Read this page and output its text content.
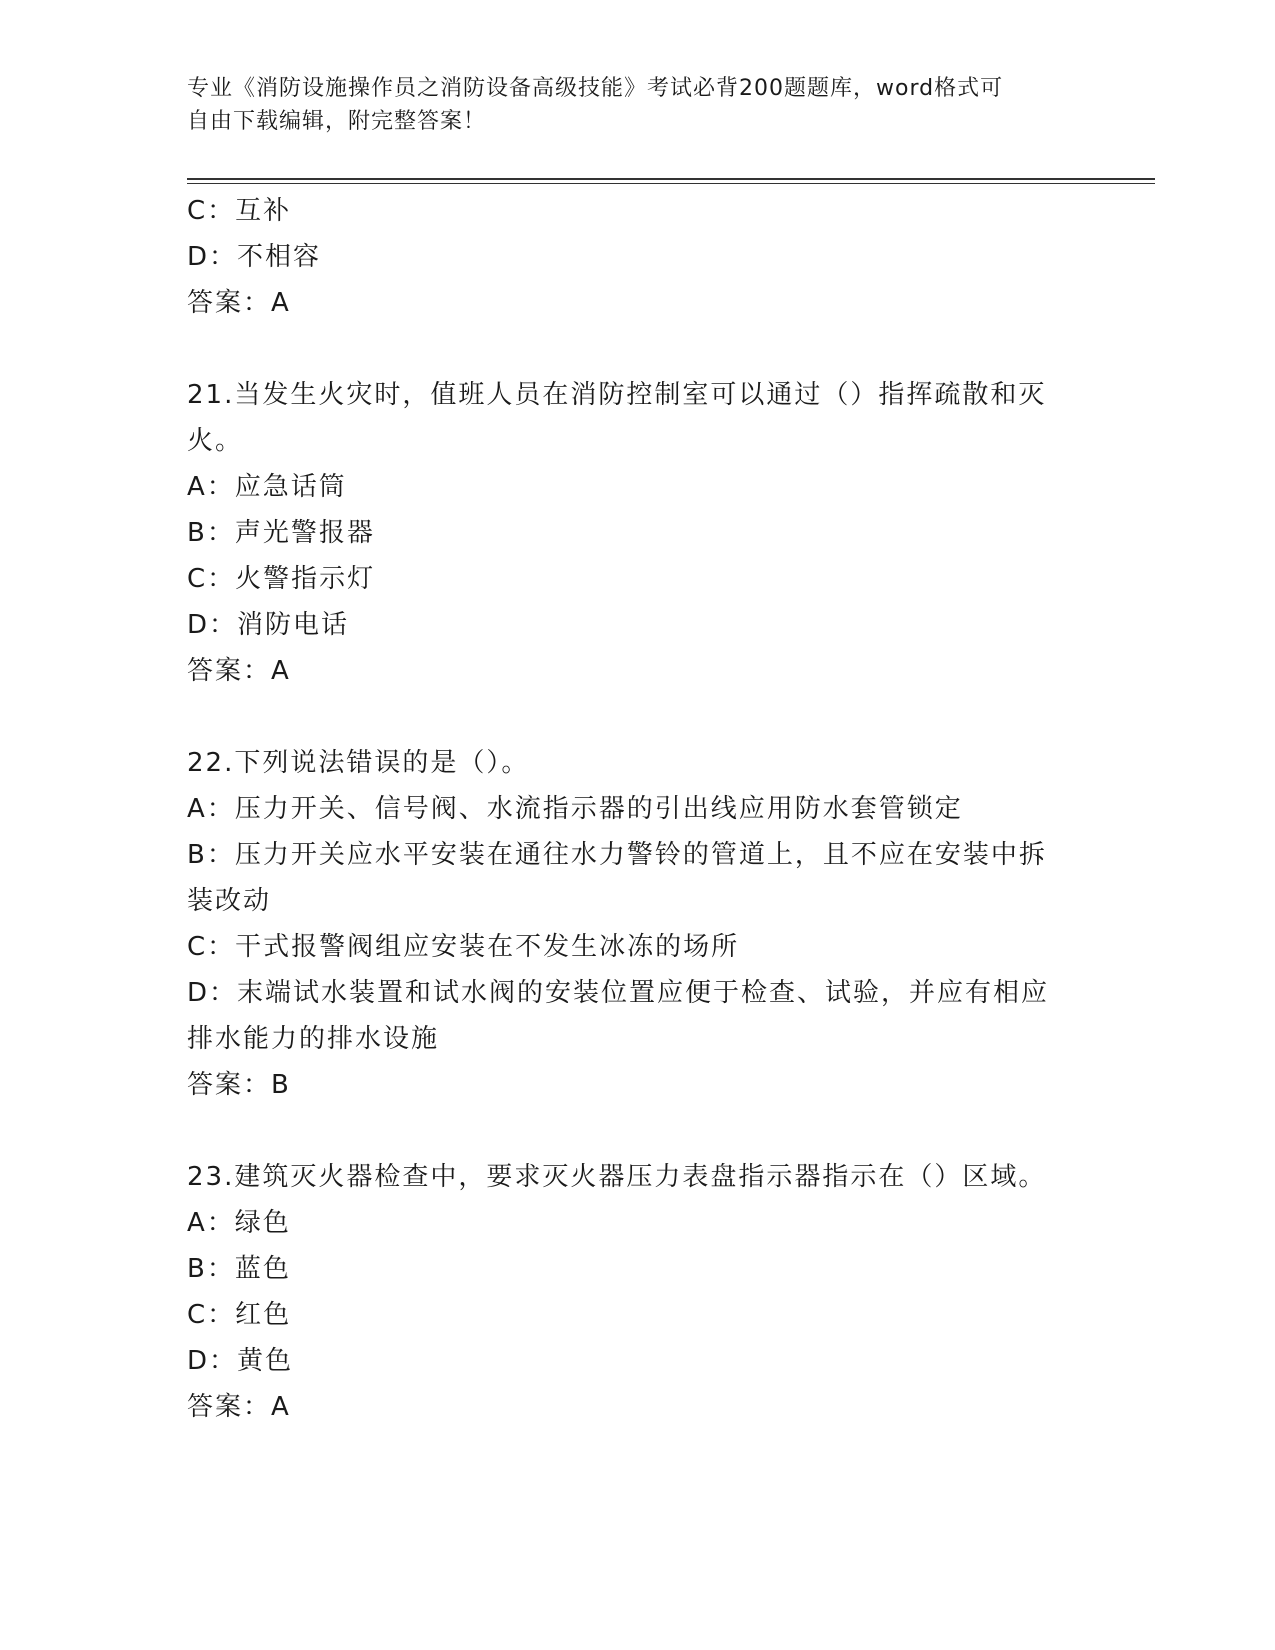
专业《消防设施操作员之消防设备高级技能》考试必背200题题库，word格式可
自由下载编辑，附完整答案！
C：互补
D：不相容
答案：A
21.当发生火灾时，值班人员在消防控制室可以通过（）指挥疏散和灭
火。
A：应急话筒
B：声光警报器
C：火警指示灯
D：消防电话
答案：A
22.下列说法错误的是（）。
A：压力开关、信号阀、水流指示器的引出线应用防水套管锁定
B：压力开关应水平安装在通往水力警铃的管道上，且不应在安装中拆
装改动
C：干式报警阀组应安装在不发生冰冻的场所
D：末端试水装置和试水阀的安装位置应便于检查、试验，并应有相应
排水能力的排水设施
答案：B
23.建筑灭火器检查中，要求灭火器压力表盘指示器指示在（）区域。
A：绿色
B：蓝色
C：红色
D：黄色
答案：A
